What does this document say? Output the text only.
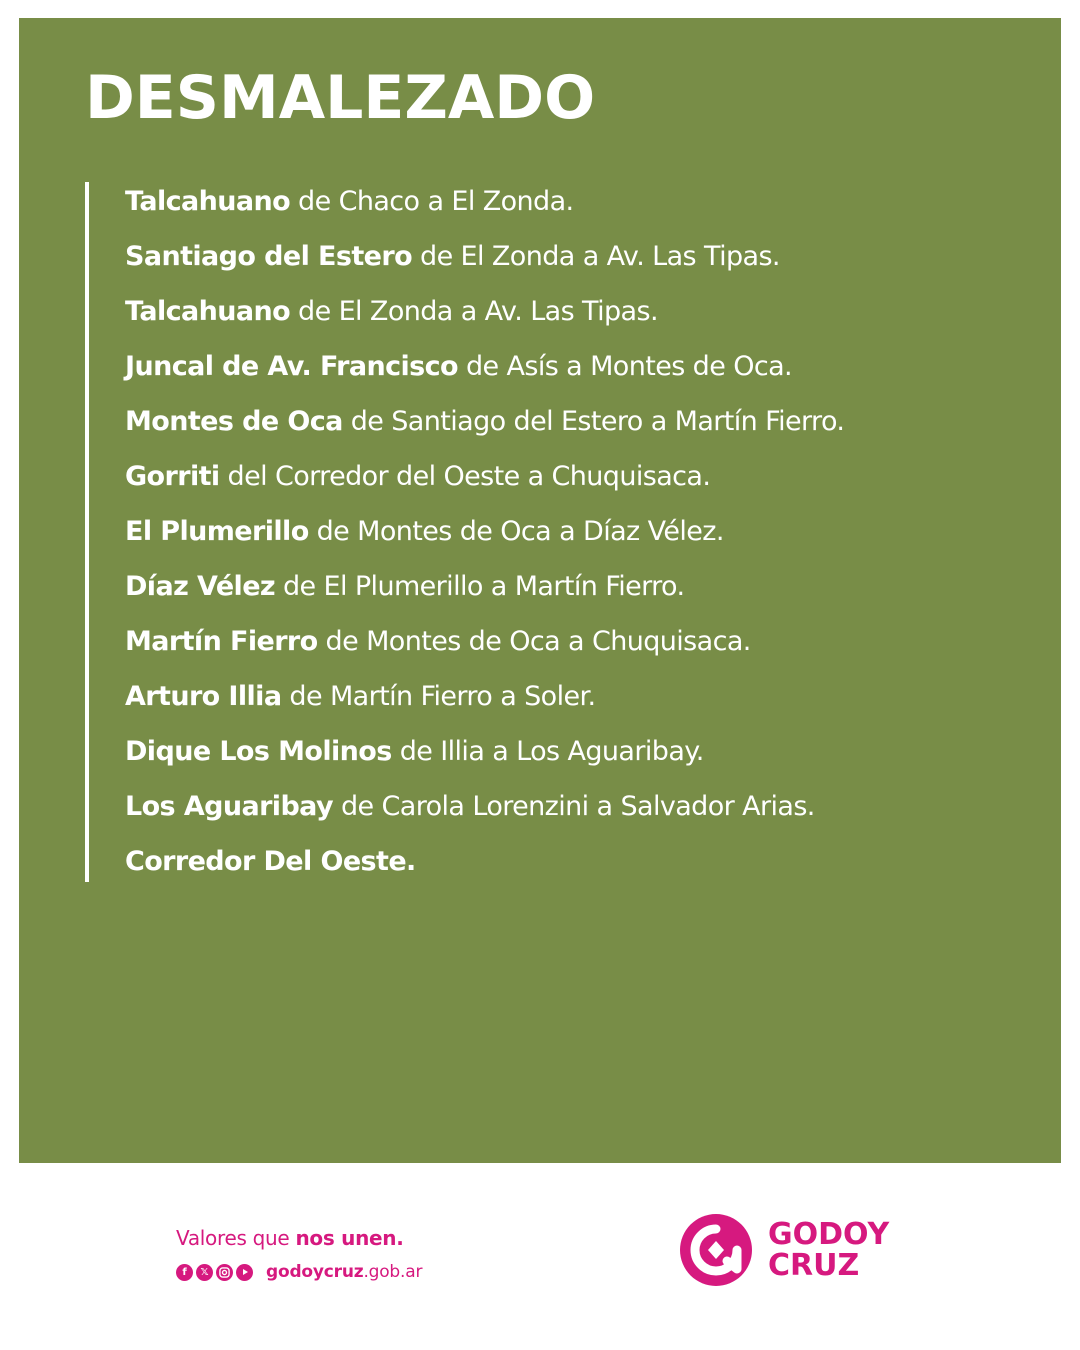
DESMALEZADO
Talcahuano de Chaco a El Zonda.
Santiago del Estero de El Zonda a Av. Las Tipas.
Talcahuano de El Zonda a Av. Las Tipas.
Juncal de Av. Francisco de Asís a Montes de Oca.
Montes de Oca de Santiago del Estero a Martín Fierro.
Gorriti del Corredor del Oeste a Chuquisaca.
El Plumerillo de Montes de Oca a Díaz Vélez.
Díaz Vélez de El Plumerillo a Martín Fierro.
Martín Fierro de Montes de Oca a Chuquisaca.
Arturo Illia de Martín Fierro a Soler.
Dique Los Molinos de Illia a Los Aguaribay.
Los Aguaribay de Carola Lorenzini a Salvador Arias.
Corredor Del Oeste.
Valores que nos unen.
f	𝕏	godoycruz.gob.ar
GODOY
CRUZ
